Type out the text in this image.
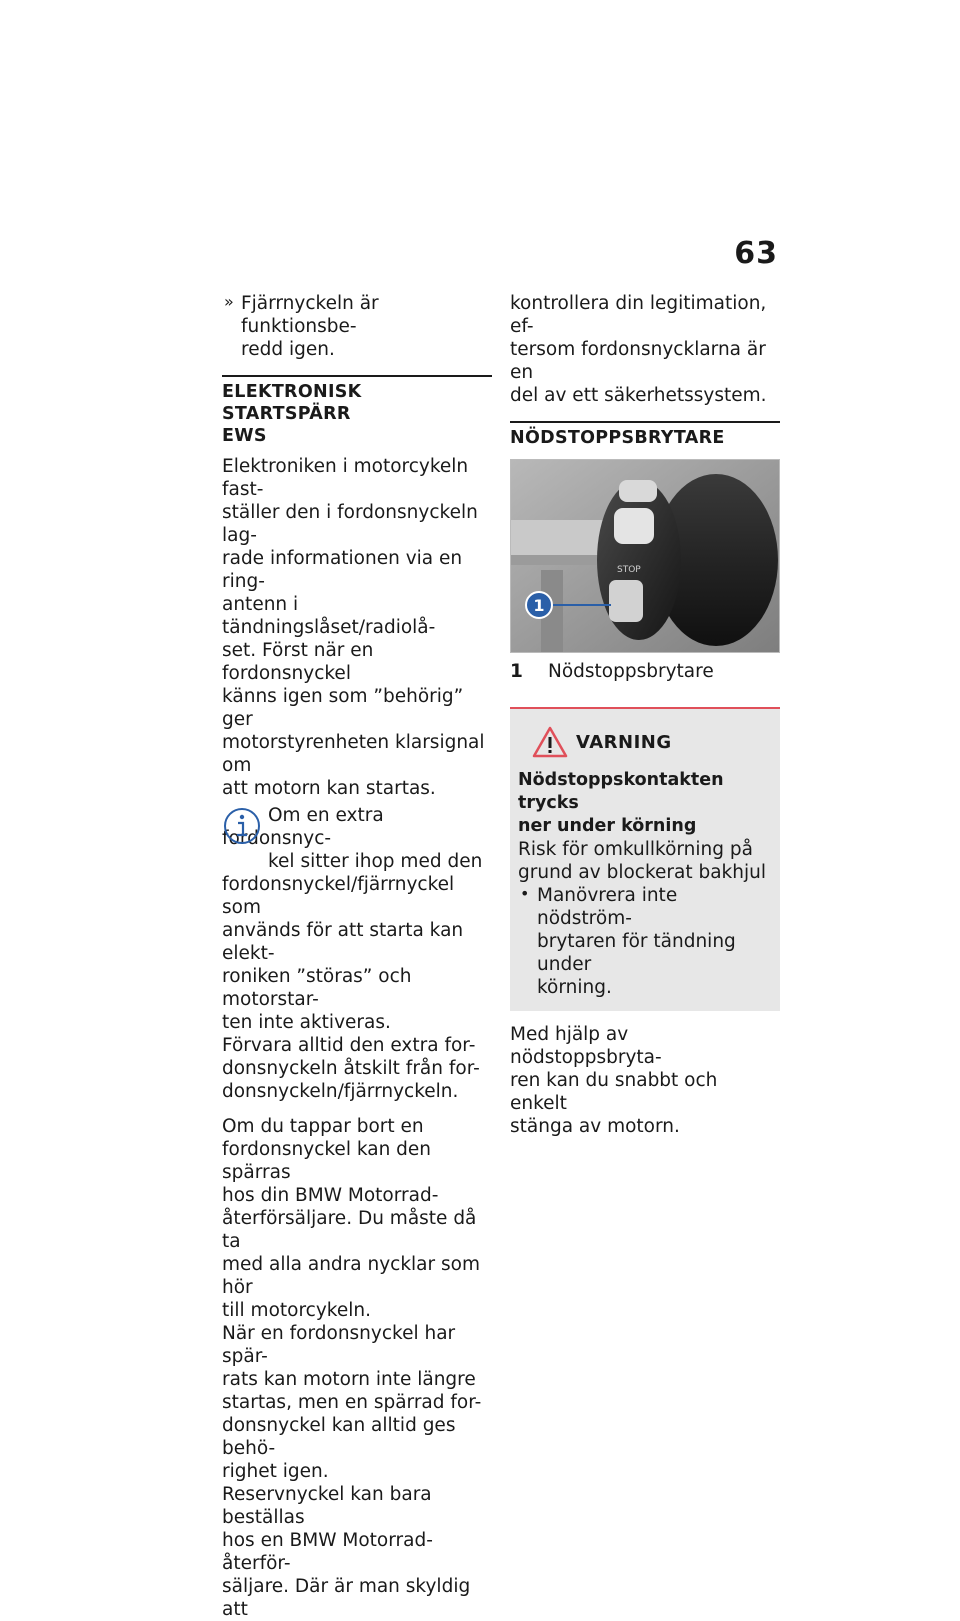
63
» Fjärrnyckeln är funktionsbe-

redd igen.

ELEKTRONISK STARTSPÄRR
EWS

Elektroniken i motorcykeln fast-

ställer den i fordonsnyckeln lag-

rade informationen via en ring-

antenn i tändningslåset/radiolå-

set. Först när en fordonsnyckel

känns igen som ”behörig” ger

motorstyrenheten klarsignal om

att motorn kan startas.

Om en extra fordonsnyc-

kel sitter ihop med den

fordonsnyckel/fjärrnyckel som

används för att starta kan elekt-

roniken ”störas” och motorstar-

ten inte aktiveras.

Förvara alltid den extra for-

donsnyckeln åtskilt från for-

donsnyckeln/fjärrnyckeln.

Om du tappar bort en

fordonsnyckel kan den spärras

hos din BMW Motorrad-

återförsäljare. Du måste då ta

med alla andra nycklar som hör

till motorcykeln.

När en fordonsnyckel har spär-

rats kan motorn inte längre

startas, men en spärrad for-

donsnyckel kan alltid ges behö-

righet igen.

Reservnyckel kan bara beställas

hos en BMW Motorrad-återför-

säljare. Där är man skyldig att

kontrollera din legitimation, ef-

tersom fordonsnycklarna är en

del av ett säkerhetssystem.

NÖDSTOPPSBRYTARE
STOP
1
1	Nödstoppsbrytare
VARNING
Nödstoppskontakten trycks
ner under körning

Risk för omkullkörning på

grund av blockerat bakhjul

• Manövrera inte nödström-

brytaren för tändning under

körning.

Med hjälp av nödstoppsbryta-

ren kan du snabbt och enkelt

stänga av motorn.
